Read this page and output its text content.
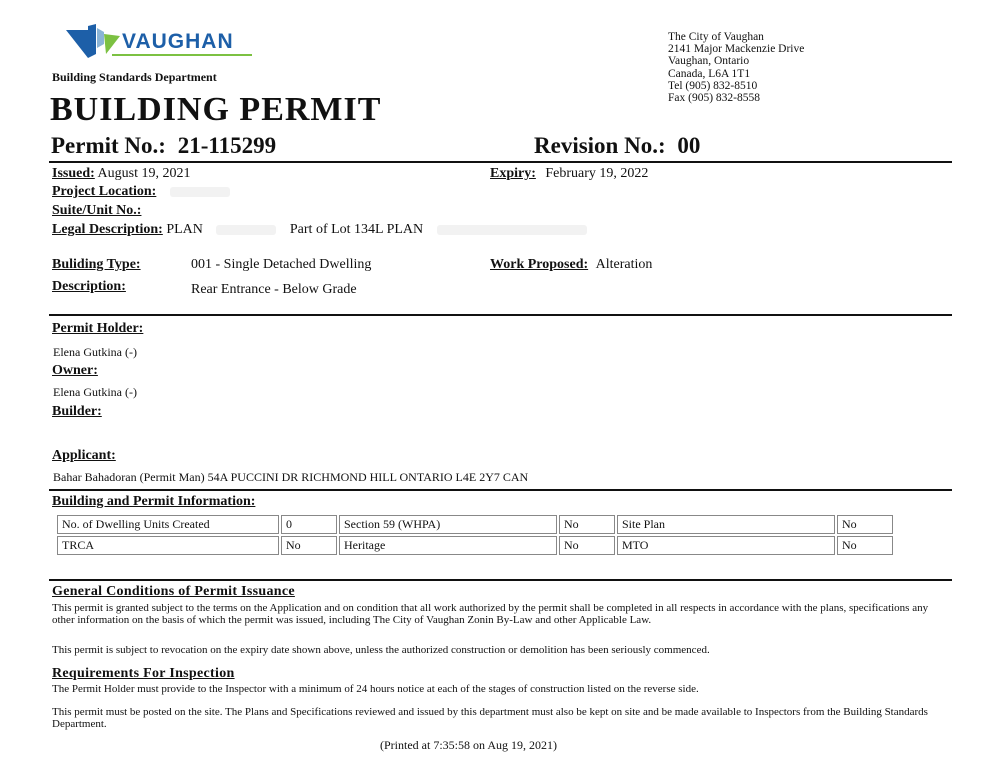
VAUGHAN
Building Standards Department
The City of Vaughan
2141 Major Mackenzie Drive
Vaughan, Ontario
Canada, L6A 1T1
Tel (905) 832-8510
Fax (905) 832-8558
BUILDING PERMIT
Permit No.: 21-115299	Revision No.: 00
Issued: August 19, 2021	Expiry: February 19, 2022
Project Location:
Suite/Unit No.:
Legal Description: PLAN	Part of Lot 134L PLAN
Buliding Type:	001 - Single Detached Dwelling	Work Proposed: Alteration
Description:	Rear Entrance - Below Grade
Permit Holder:
Elena Gutkina (-)
Owner:
Elena Gutkina (-)
Builder:
Applicant:
Bahar Bahadoran (Permit Man) 54A PUCCINI DR RICHMOND HILL ONTARIO L4E 2Y7 CAN
Building and Permit Information:
No. of Dwelling Units Created	0	Section 59 (WHPA)	No	Site Plan	No
TRCA	No	Heritage	No	MTO	No
General Conditions of Permit Issuance
This permit is granted subject to the terms on the Application and on condition that all work authorized by the permit shall be completed in all respects in accordance with the plans, specifications any other information on the basis of which the permit was issued, including The City of Vaughan Zonin By-Law and other Applicable Law.
This permit is subject to revocation on the expiry date shown above, unless the authorized construction or demolition has been seriously commenced.
Requirements For Inspection
The Permit Holder must provide to the Inspector with a minimum of 24 hours notice at each of the stages of construction listed on the reverse side.
This permit must be posted on the site. The Plans and Specifications reviewed and issued by this department must also be kept on site and be made available to Inspectors from the Building Standards Department.
(Printed at 7:35:58 on Aug 19, 2021)
